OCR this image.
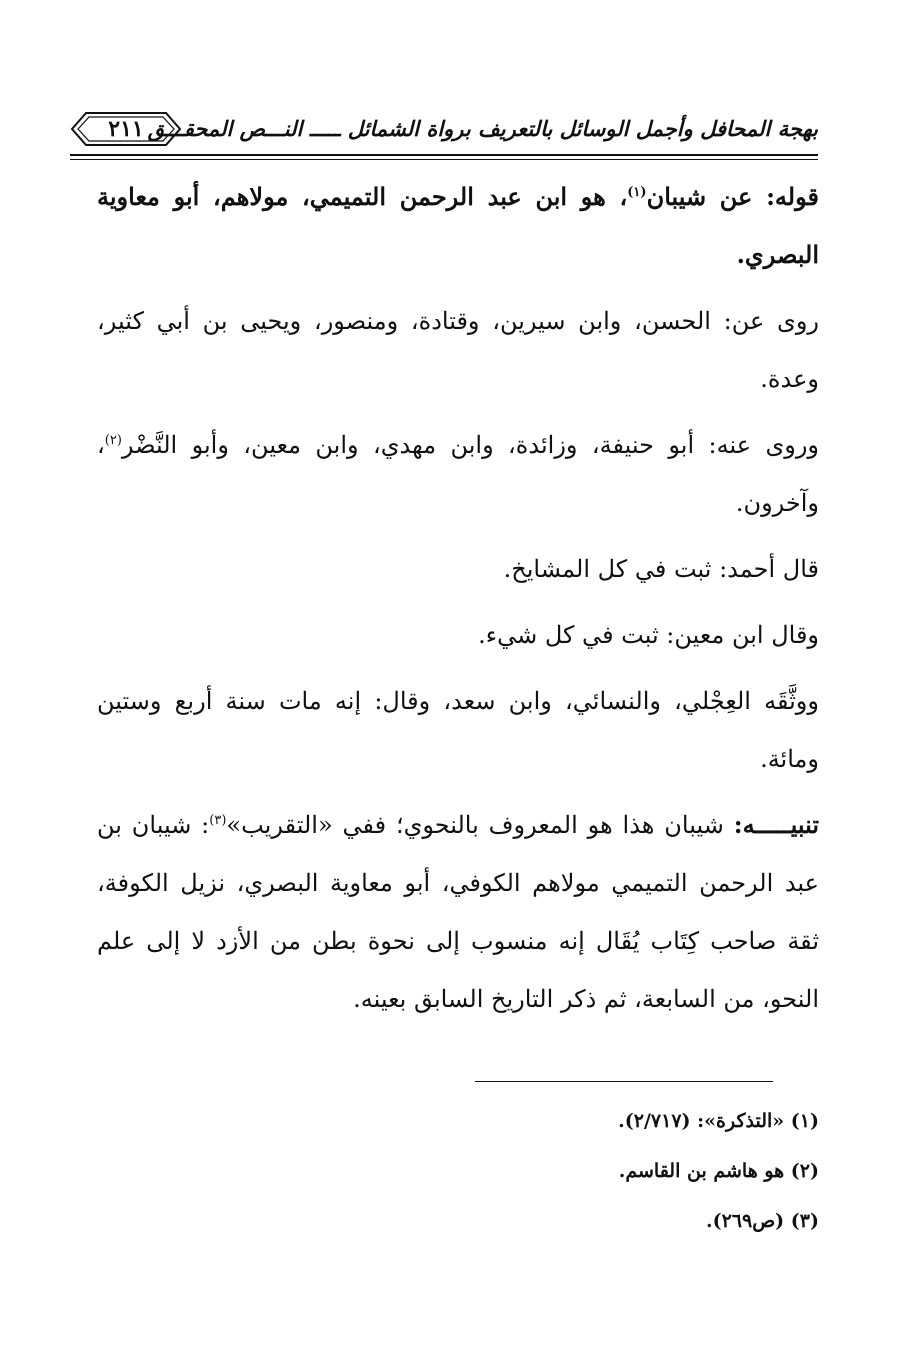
بهجة المحافل وأجمل الوسائل بالتعريف برواة الشمائل ـــــ النـــص المحقـــق
٢١١

قوله: عن شيبان$^{(١)}$، هو ابن عبد الرحمن التميمي، مولاهم، أبو معاوية البصري.

روى عن: الحسن، وابن سيرين، وقتادة، ومنصور، ويحيى بن أبي كثير، وعدة.

وروى عنه: أبو حنيفة، وزائدة، وابن مهدي، وابن معين، وأبو النَّضْر$^{(٢)}$، وآخرون.

قال أحمد: ثبت في كل المشايخ.

وقال ابن معين: ثبت في كل شيء.

ووثَّقَه العِجْلي، والنسائي، وابن سعد، وقال: إنه مات سنة أربع وستين ومائة.

تنبيـــــه: شيبان هذا هو المعروف بالنحوي؛ ففي «التقريب»$^{(٣)}$: شيبان بن عبد الرحمن التميمي مولاهم الكوفي، أبو معاوية البصري، نزيل الكوفة، ثقة صاحب كِتَاب يُقَال إنه منسوب إلى نحوة بطن من الأزد لا إلى علم النحو، من السابعة، ثم ذكر التاريخ السابق بعينه.

(١) «التذكرة»: (٢/٧١٧).
(٢) هو هاشم بن القاسم.
(٣) (ص٢٦٩).
